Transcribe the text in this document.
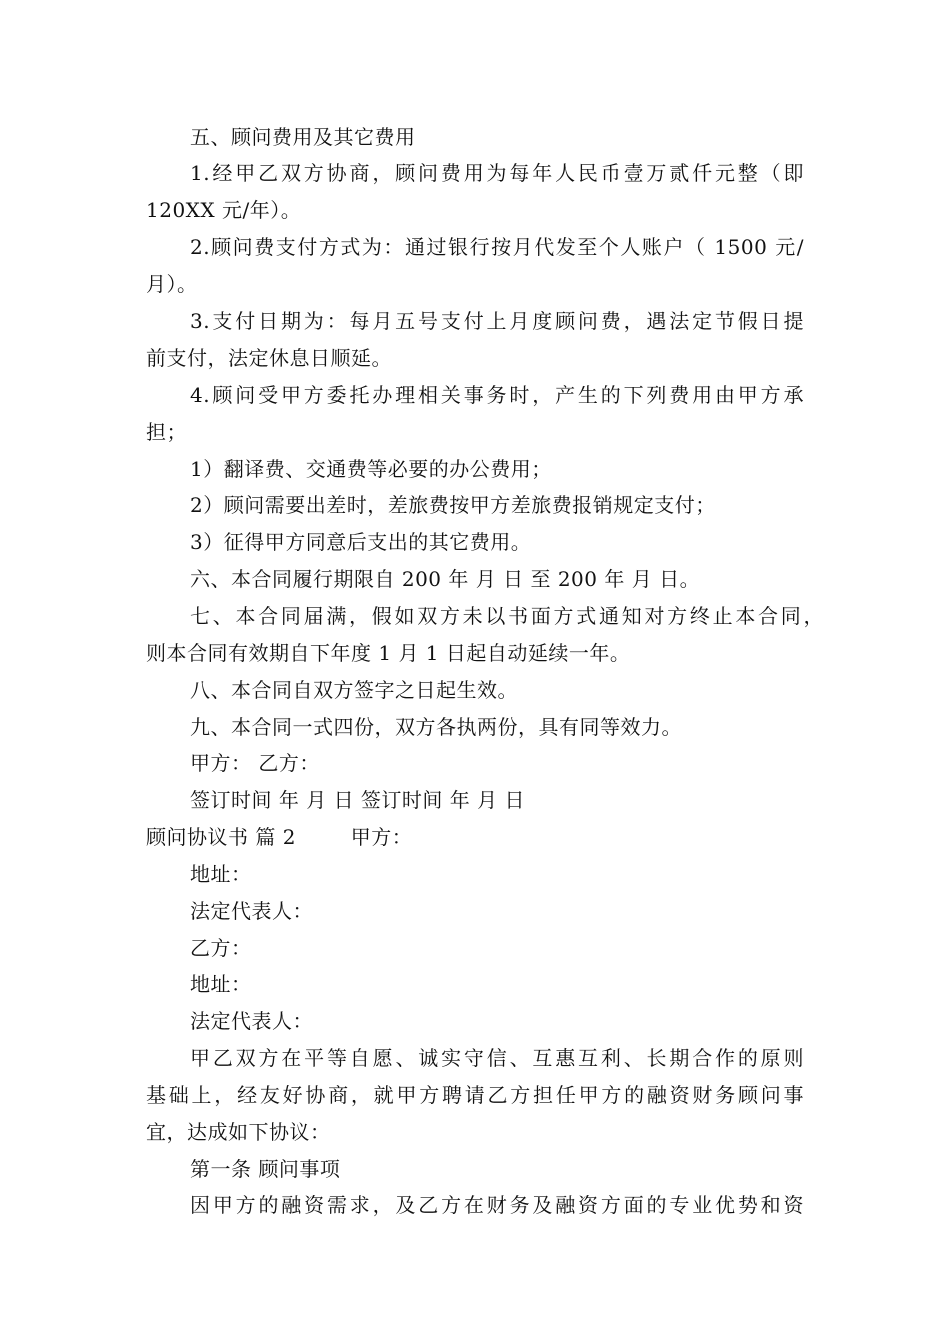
五、顾问费用及其它费用
1.经甲乙双方协商，顾问费用为每年人民币壹万贰仟元整（即
120XX 元/年）。
2.顾问费支付方式为：通过银行按月代发至个人账户（ 1500 元/
月）。
3.支付日期为：每月五号支付上月度顾问费，遇法定节假日提
前支付，法定休息日顺延。
4.顾问受甲方委托办理相关事务时，产生的下列费用由甲方承
担；
1）翻译费、交通费等必要的办公费用；
2）顾问需要出差时，差旅费按甲方差旅费报销规定支付；
3）征得甲方同意后支出的其它费用。
六、本合同履行期限自 200 年 月 日 至 200 年 月 日。
七、本合同届满，假如双方未以书面方式通知对方终止本合同，
则本合同有效期自下年度 1 月 1 日起自动延续一年。
八、本合同自双方签字之日起生效。
九、本合同一式四份，双方各执两份，具有同等效力。
甲方： 乙方：
签订时间 年 月 日 签订时间 年 月 日
顾问协议书 篇 2        甲方：
地址：
法定代表人：
乙方：
地址：
法定代表人：
甲乙双方在平等自愿、诚实守信、互惠互利、长期合作的原则
基础上，经友好协商，就甲方聘请乙方担任甲方的融资财务顾问事
宜，达成如下协议：
第一条 顾问事项
因甲方的融资需求，及乙方在财务及融资方面的专业优势和资
